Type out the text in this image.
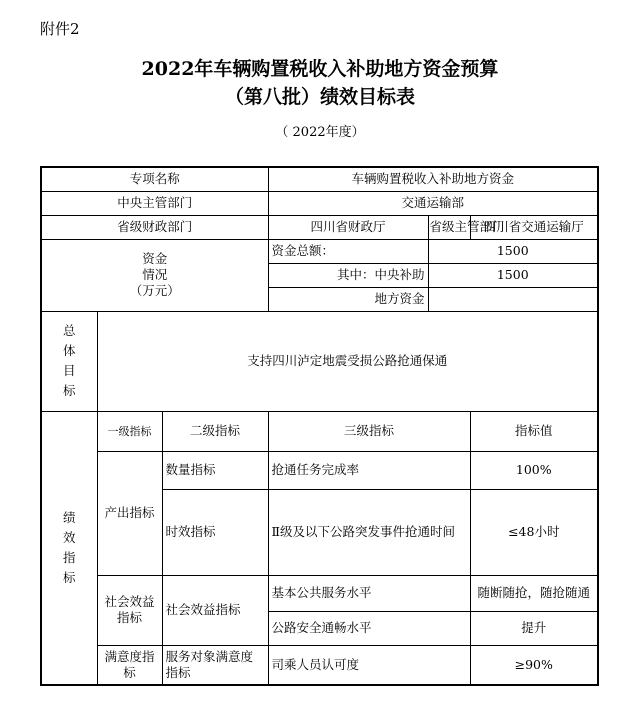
附件2
2022年车辆购置税收入补助地方资金预算
（第八批）绩效目标表
（ 2022年度）
专项名称			车辆购置税收入补助地方资金		
中央主管部门			交通运输部		
省级财政部门			四川省财政厅	省级主管部门	四川省交通运输厅

资金
情况
（万元）			资金总额：	1500	
			其中：中央补助	1500	
			地方资金		

总体目标	支持四川泸定地震受损公路抢通保通				

绩效指标	一级指标	二级指标	三级指标		指标值
	产出指标	数量指标	抢通任务完成率		100%
		时效指标	Ⅱ级及以下公路突发事件抢通时间		≤48小时
	社会效益指标	社会效益指标	基本公共服务水平		随断随抢，随抢随通
			公路安全通畅水平		提升
	满意度指标	服务对象满意度指标	司乘人员认可度		≥90%
